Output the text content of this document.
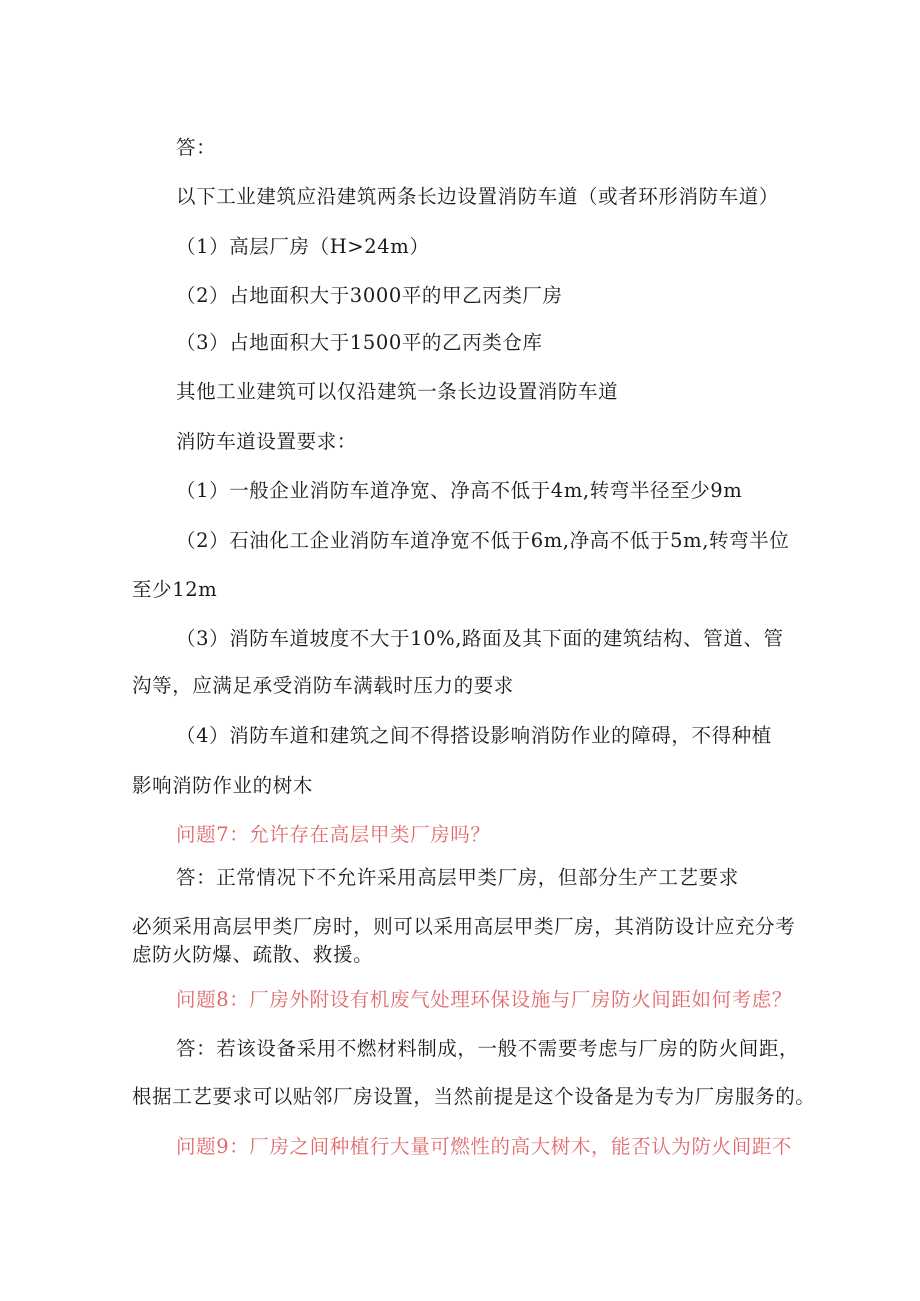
答：
以下工业建筑应沿建筑两条长边设置消防车道（或者环形消防车道）
（1）高层厂房（H>24m）
（2）占地面积大于3000平的甲乙丙类厂房
（3）占地面积大于1500平的乙丙类仓库
其他工业建筑可以仅沿建筑一条长边设置消防车道
消防车道设置要求：
（1）一般企业消防车道净宽、净高不低于4m,转弯半径至少9m
（2）石油化工企业消防车道净宽不低于6m,净高不低于5m,转弯半位
至少12m
（3）消防车道坡度不大于10%,路面及其下面的建筑结构、管道、管
沟等，应满足承受消防车满载时压力的要求
（4）消防车道和建筑之间不得搭设影响消防作业的障碍，不得种植
影响消防作业的树木
问题7：允许存在高层甲类厂房吗？
答：正常情况下不允许采用高层甲类厂房，但部分生产工艺要求
必须采用高层甲类厂房时，则可以采用高层甲类厂房，其消防设计应充分考
虑防火防爆、疏散、救援。
问题8：厂房外附设有机废气处理环保设施与厂房防火间距如何考虑？
答：若该设备采用不燃材料制成，一般不需要考虑与厂房的防火间距，
根据工艺要求可以贴邻厂房设置，当然前提是这个设备是为专为厂房服务的。
问题9：厂房之间种植行大量可燃性的高大树木，能否认为防火间距不
